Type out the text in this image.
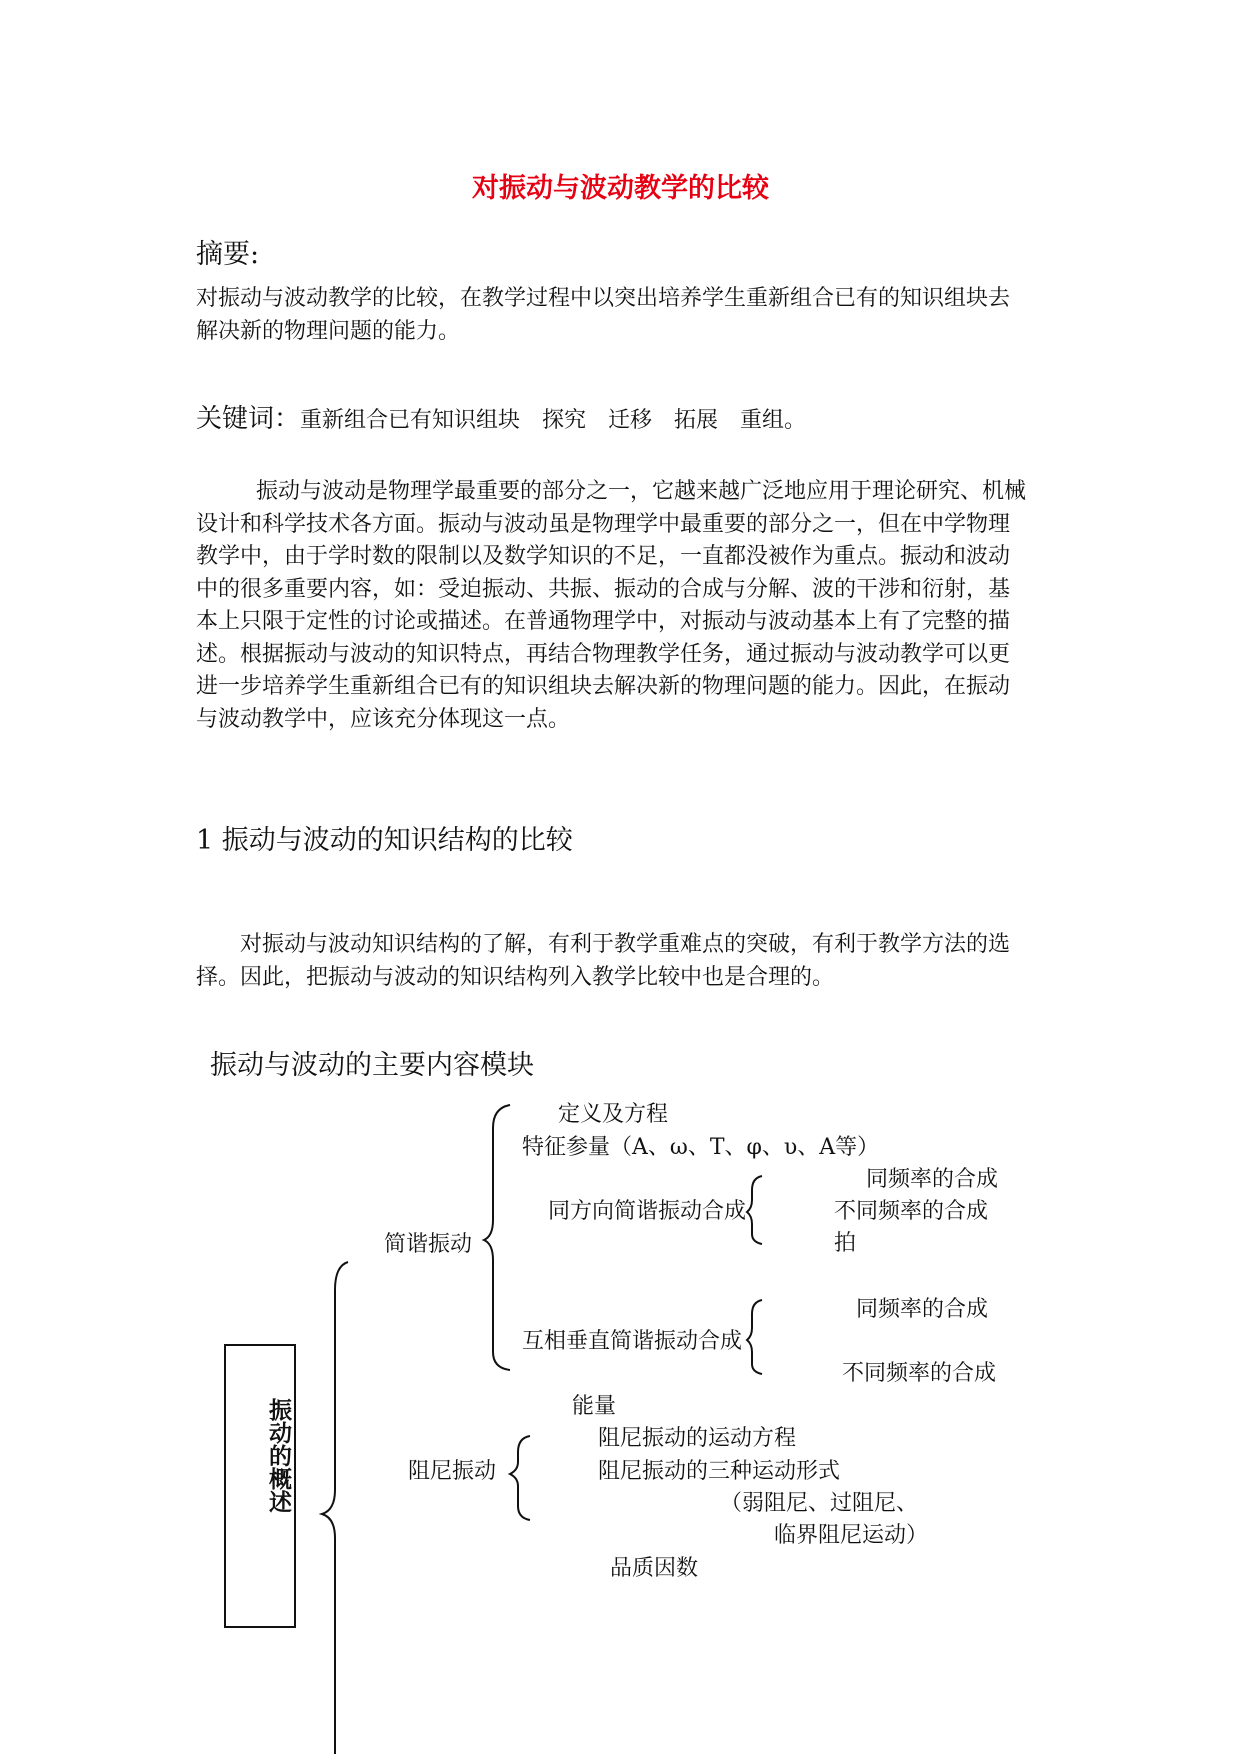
对振动与波动教学的比较
摘要:
对振动与波动教学的比较，在教学过程中以突出培养学生重新组合已有的知识组块去解决新的物理问题的能力。
关键词：重新组合已有知识组块　探究　迁移　拓展　重组。
振动与波动是物理学最重要的部分之一，它越来越广泛地应用于理论研究、机械设计和科学技术各方面。振动与波动虽是物理学中最重要的部分之一，但在中学物理教学中，由于学时数的限制以及数学知识的不足，一直都没被作为重点。振动和波动中的很多重要内容，如：受迫振动、共振、振动的合成与分解、波的干涉和衍射，基本上只限于定性的讨论或描述。在普通物理学中，对振动与波动基本上有了完整的描述。根据振动与波动的知识特点，再结合物理教学任务，通过振动与波动教学可以更进一步培养学生重新组合已有的知识组块去解决新的物理问题的能力。因此，在振动与波动教学中，应该充分体现这一点。
1 振动与波动的知识结构的比较
对振动与波动知识结构的了解，有利于教学重难点的突破，有利于教学方法的选择。因此，把振动与波动的知识结构列入教学比较中也是合理的。
振动与波动的主要内容模块
振动的概述
简谐振动
定义及方程
特征参量（A、ω、T、φ、υ、A等）
同频率的合成
同方向简谐振动合成	不同频率的合成
拍
同频率的合成
互相垂直简谐振动合成
不同频率的合成
能量
阻尼振动的运动方程
阻尼振动	阻尼振动的三种运动形式
（弱阻尼、过阻尼、
临界阻尼运动）
品质因数
